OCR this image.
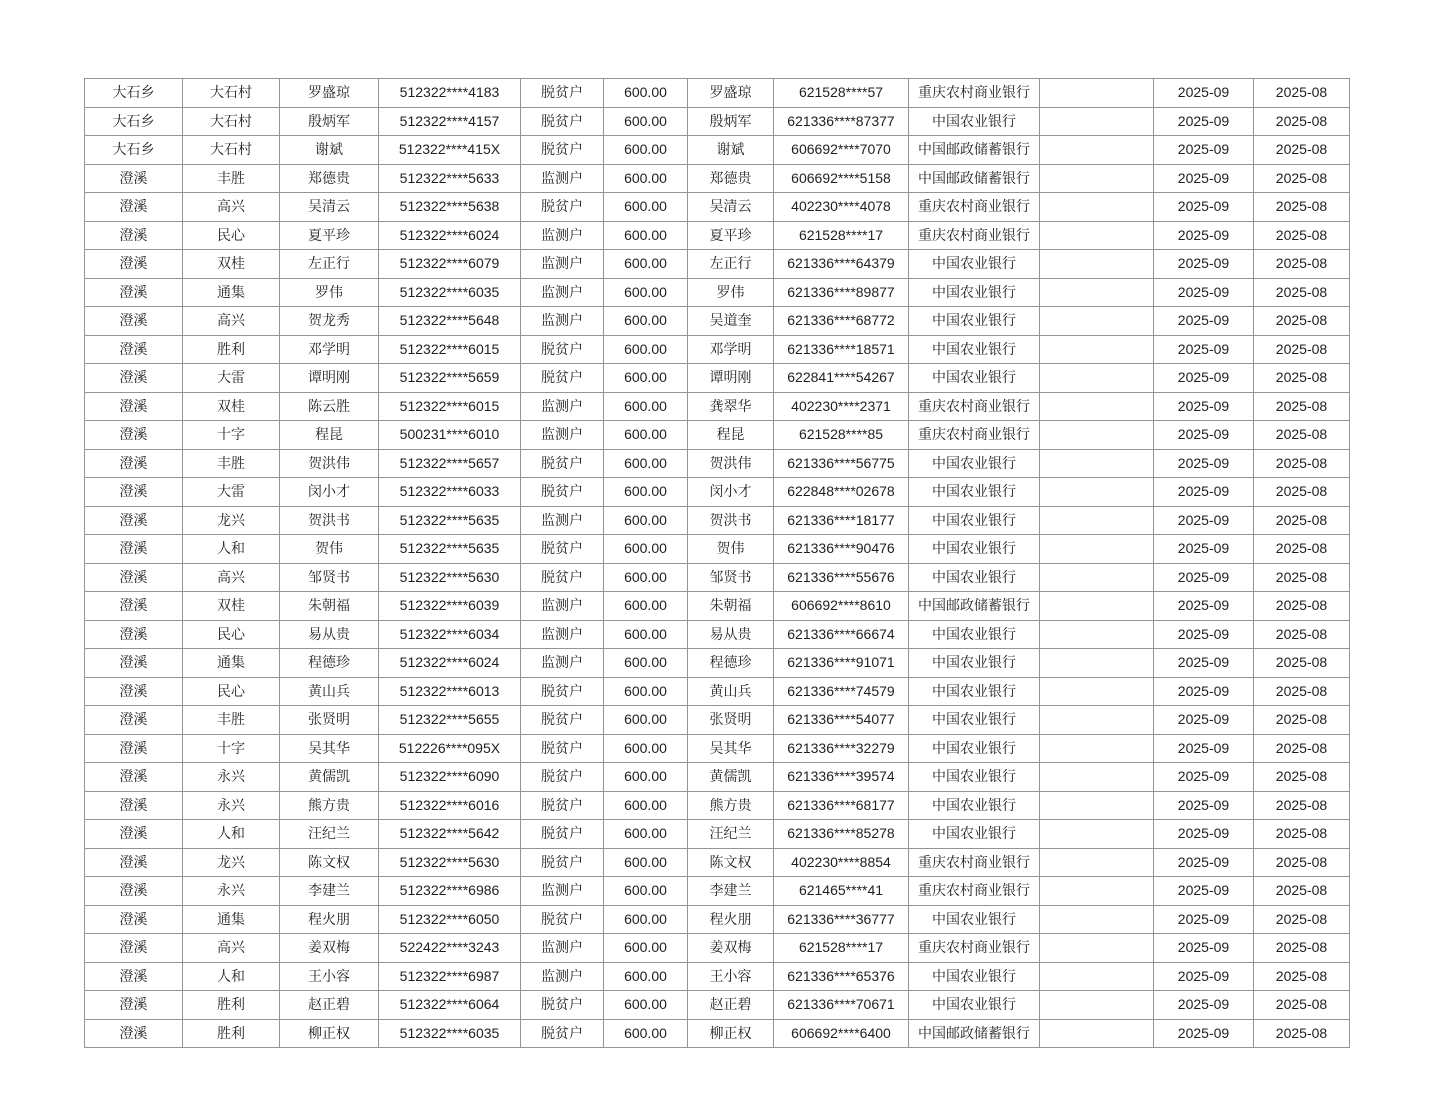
大石乡	大石村	罗盛琼	512322****4183	脱贫户	600.00	罗盛琼	621528****57	重庆农村商业银行		2025-09	2025-08
大石乡	大石村	殷炳军	512322****4157	脱贫户	600.00	殷炳军	621336****87377	中国农业银行		2025-09	2025-08
大石乡	大石村	谢斌	512322****415X	脱贫户	600.00	谢斌	606692****7070	中国邮政储蓄银行		2025-09	2025-08
澄溪	丰胜	郑德贵	512322****5633	监测户	600.00	郑德贵	606692****5158	中国邮政储蓄银行		2025-09	2025-08
澄溪	高兴	吴清云	512322****5638	脱贫户	600.00	吴清云	402230****4078	重庆农村商业银行		2025-09	2025-08
澄溪	民心	夏平珍	512322****6024	监测户	600.00	夏平珍	621528****17	重庆农村商业银行		2025-09	2025-08
澄溪	双桂	左正行	512322****6079	监测户	600.00	左正行	621336****64379	中国农业银行		2025-09	2025-08
澄溪	通集	罗伟	512322****6035	监测户	600.00	罗伟	621336****89877	中国农业银行		2025-09	2025-08
澄溪	高兴	贺龙秀	512322****5648	监测户	600.00	吴道奎	621336****68772	中国农业银行		2025-09	2025-08
澄溪	胜利	邓学明	512322****6015	脱贫户	600.00	邓学明	621336****18571	中国农业银行		2025-09	2025-08
澄溪	大雷	谭明刚	512322****5659	脱贫户	600.00	谭明刚	622841****54267	中国农业银行		2025-09	2025-08
澄溪	双桂	陈云胜	512322****6015	监测户	600.00	龚翠华	402230****2371	重庆农村商业银行		2025-09	2025-08
澄溪	十字	程昆	500231****6010	监测户	600.00	程昆	621528****85	重庆农村商业银行		2025-09	2025-08
澄溪	丰胜	贺洪伟	512322****5657	脱贫户	600.00	贺洪伟	621336****56775	中国农业银行		2025-09	2025-08
澄溪	大雷	闵小才	512322****6033	脱贫户	600.00	闵小才	622848****02678	中国农业银行		2025-09	2025-08
澄溪	龙兴	贺洪书	512322****5635	监测户	600.00	贺洪书	621336****18177	中国农业银行		2025-09	2025-08
澄溪	人和	贺伟	512322****5635	脱贫户	600.00	贺伟	621336****90476	中国农业银行		2025-09	2025-08
澄溪	高兴	邹贤书	512322****5630	脱贫户	600.00	邹贤书	621336****55676	中国农业银行		2025-09	2025-08
澄溪	双桂	朱朝福	512322****6039	监测户	600.00	朱朝福	606692****8610	中国邮政储蓄银行		2025-09	2025-08
澄溪	民心	易从贵	512322****6034	监测户	600.00	易从贵	621336****66674	中国农业银行		2025-09	2025-08
澄溪	通集	程德珍	512322****6024	监测户	600.00	程德珍	621336****91071	中国农业银行		2025-09	2025-08
澄溪	民心	黄山兵	512322****6013	脱贫户	600.00	黄山兵	621336****74579	中国农业银行		2025-09	2025-08
澄溪	丰胜	张贤明	512322****5655	脱贫户	600.00	张贤明	621336****54077	中国农业银行		2025-09	2025-08
澄溪	十字	吴其华	512226****095X	脱贫户	600.00	吴其华	621336****32279	中国农业银行		2025-09	2025-08
澄溪	永兴	黄儒凯	512322****6090	脱贫户	600.00	黄儒凯	621336****39574	中国农业银行		2025-09	2025-08
澄溪	永兴	熊方贵	512322****6016	脱贫户	600.00	熊方贵	621336****68177	中国农业银行		2025-09	2025-08
澄溪	人和	汪纪兰	512322****5642	脱贫户	600.00	汪纪兰	621336****85278	中国农业银行		2025-09	2025-08
澄溪	龙兴	陈文权	512322****5630	脱贫户	600.00	陈文权	402230****8854	重庆农村商业银行		2025-09	2025-08
澄溪	永兴	李建兰	512322****6986	监测户	600.00	李建兰	621465****41	重庆农村商业银行		2025-09	2025-08
澄溪	通集	程火朋	512322****6050	脱贫户	600.00	程火朋	621336****36777	中国农业银行		2025-09	2025-08
澄溪	高兴	姜双梅	522422****3243	监测户	600.00	姜双梅	621528****17	重庆农村商业银行		2025-09	2025-08
澄溪	人和	王小容	512322****6987	监测户	600.00	王小容	621336****65376	中国农业银行		2025-09	2025-08
澄溪	胜利	赵正碧	512322****6064	脱贫户	600.00	赵正碧	621336****70671	中国农业银行		2025-09	2025-08
澄溪	胜利	柳正权	512322****6035	脱贫户	600.00	柳正权	606692****6400	中国邮政储蓄银行		2025-09	2025-08
